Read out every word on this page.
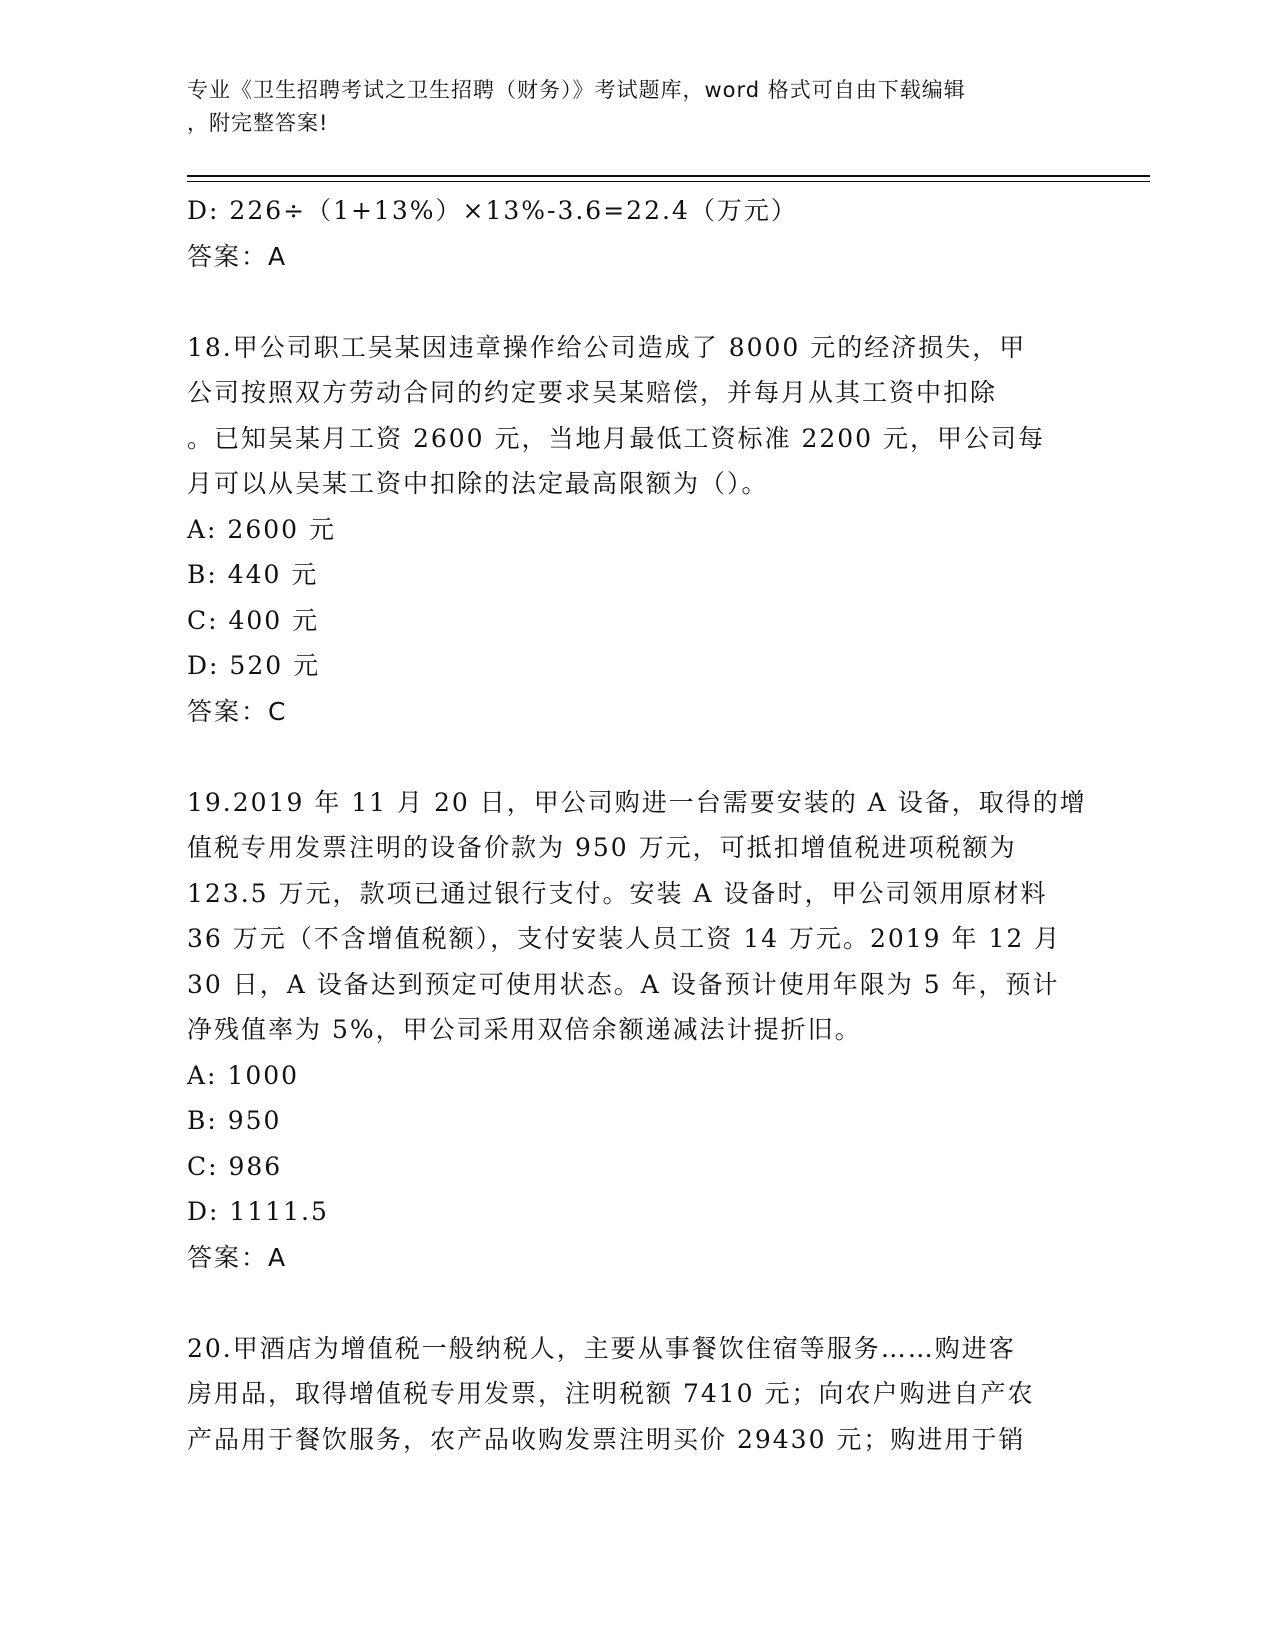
专业《卫生招聘考试之卫生招聘（财务）》考试题库，word 格式可自由下载编辑
，附完整答案!
D: 226÷（1+13%）×13%-3.6=22.4（万元）
答案：A
18.甲公司职工吴某因违章操作给公司造成了 8000 元的经济损失，甲
公司按照双方劳动合同的约定要求吴某赔偿，并每月从其工资中扣除
。已知吴某月工资 2600 元，当地月最低工资标准 2200 元，甲公司每
月可以从吴某工资中扣除的法定最高限额为（）。
A: 2600 元
B: 440 元
C: 400 元
D: 520 元
答案：C
19.2019 年 11 月 20 日，甲公司购进一台需要安装的 A 设备，取得的增
值税专用发票注明的设备价款为 950 万元，可抵扣增值税进项税额为
123.5 万元，款项已通过银行支付。安装 A 设备时，甲公司领用原材料
36 万元（不含增值税额），支付安装人员工资 14 万元。2019 年 12 月
30 日，A 设备达到预定可使用状态。A 设备预计使用年限为 5 年，预计
净残值率为 5%，甲公司采用双倍余额递减法计提折旧。
A: 1000
B: 950
C: 986
D: 1111.5
答案：A
20.甲酒店为增值税一般纳税人，主要从事餐饮住宿等服务……购进客
房用品，取得增值税专用发票，注明税额 7410 元；向农户购进自产农
产品用于餐饮服务，农产品收购发票注明买价 29430 元；购进用于销
